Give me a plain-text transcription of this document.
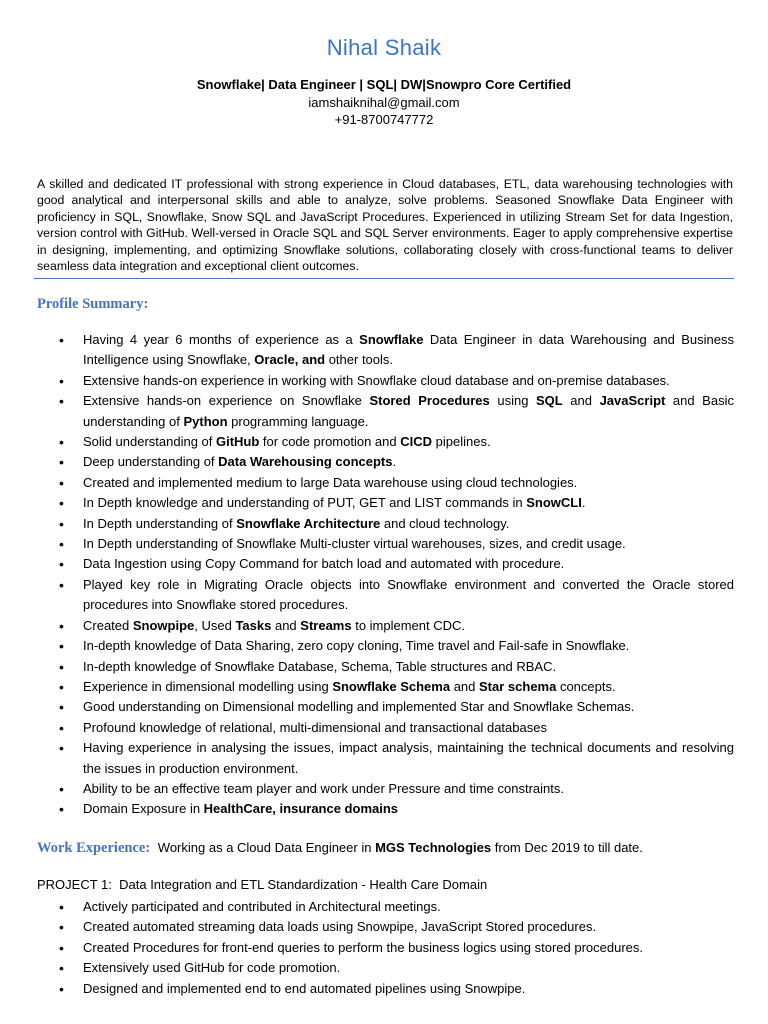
Nihal Shaik
Snowflake| Data Engineer | SQL| DW|Snowpro Core Certified
iamshaiknihal@gmail.com
+91-8700747772
A skilled and dedicated IT professional with strong experience in Cloud databases, ETL, data warehousing technologies with good analytical and interpersonal skills and able to analyze, solve problems. Seasoned Snowflake Data Engineer with proficiency in SQL, Snowflake, Snow SQL and JavaScript Procedures. Experienced in utilizing Stream Set for data Ingestion, version control with GitHub. Well-versed in Oracle SQL and SQL Server environments. Eager to apply comprehensive expertise in designing, implementing, and optimizing Snowflake solutions, collaborating closely with cross-functional teams to deliver seamless data integration and exceptional client outcomes.
Profile Summary:
• Having 4 year 6 months of experience as a Snowflake Data Engineer in data Warehousing and Business Intelligence using Snowflake, Oracle, and other tools.
• Extensive hands-on experience in working with Snowflake cloud database and on-premise databases.
• Extensive hands-on experience on Snowflake Stored Procedures using SQL and JavaScript and Basic understanding of Python programming language.
• Solid understanding of GitHub for code promotion and CICD pipelines.
• Deep understanding of Data Warehousing concepts.
• Created and implemented medium to large Data warehouse using cloud technologies.
• In Depth knowledge and understanding of PUT, GET and LIST commands in SnowCLI.
• In Depth understanding of Snowflake Architecture and cloud technology.
• In Depth understanding of Snowflake Multi-cluster virtual warehouses, sizes, and credit usage.
• Data Ingestion using Copy Command for batch load and automated with procedure.
• Played key role in Migrating Oracle objects into Snowflake environment and converted the Oracle stored procedures into Snowflake stored procedures.
• Created Snowpipe, Used Tasks and Streams to implement CDC.
• In-depth knowledge of Data Sharing, zero copy cloning, Time travel and Fail-safe in Snowflake.
• In-depth knowledge of Snowflake Database, Schema, Table structures and RBAC.
• Experience in dimensional modelling using Snowflake Schema and Star schema concepts.
• Good understanding on Dimensional modelling and implemented Star and Snowflake Schemas.
• Profound knowledge of relational, multi-dimensional and transactional databases
• Having experience in analysing the issues, impact analysis, maintaining the technical documents and resolving the issues in production environment.
• Ability to be an effective team player and work under Pressure and time constraints.
• Domain Exposure in HealthCare, insurance domains
Work Experience: Working as a Cloud Data Engineer in MGS Technologies from Dec 2019 to till date.
PROJECT 1: Data Integration and ETL Standardization - Health Care Domain
• Actively participated and contributed in Architectural meetings.
• Created automated streaming data loads using Snowpipe, JavaScript Stored procedures.
• Created Procedures for front-end queries to perform the business logics using stored procedures.
• Extensively used GitHub for code promotion.
• Designed and implemented end to end automated pipelines using Snowpipe.
